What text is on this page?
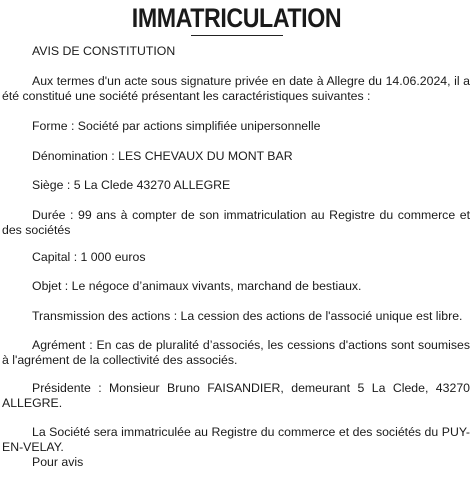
IMMATRICULATION

AVIS DE CONSTITUTION

Aux termes d'un acte sous signature privée en date à Allegre du 14.06.2024, il a été constitué une société présentant les caractéristiques suivantes :

Forme : Société par actions simplifiée unipersonnelle

Dénomination : LES CHEVAUX DU MONT BAR

Siège : 5 La Clede 43270 ALLEGRE

Durée : 99 ans à compter de son immatriculation au Registre du commerce et des sociétés

Capital : 1 000 euros

Objet : Le négoce d’animaux vivants, marchand de bestiaux.

Transmission des actions : La cession des actions de l'associé unique est libre.

Agrément : En cas de pluralité d’associés, les cessions d'actions sont soumises à l'agrément de la collectivité des associés.

Présidente : Monsieur Bruno FAISANDIER, demeurant 5 La Clede, 43270 ALLEGRE.

La Société sera immatriculée au Registre du commerce et des sociétés du PUY-EN-VELAY.

Pour avis
